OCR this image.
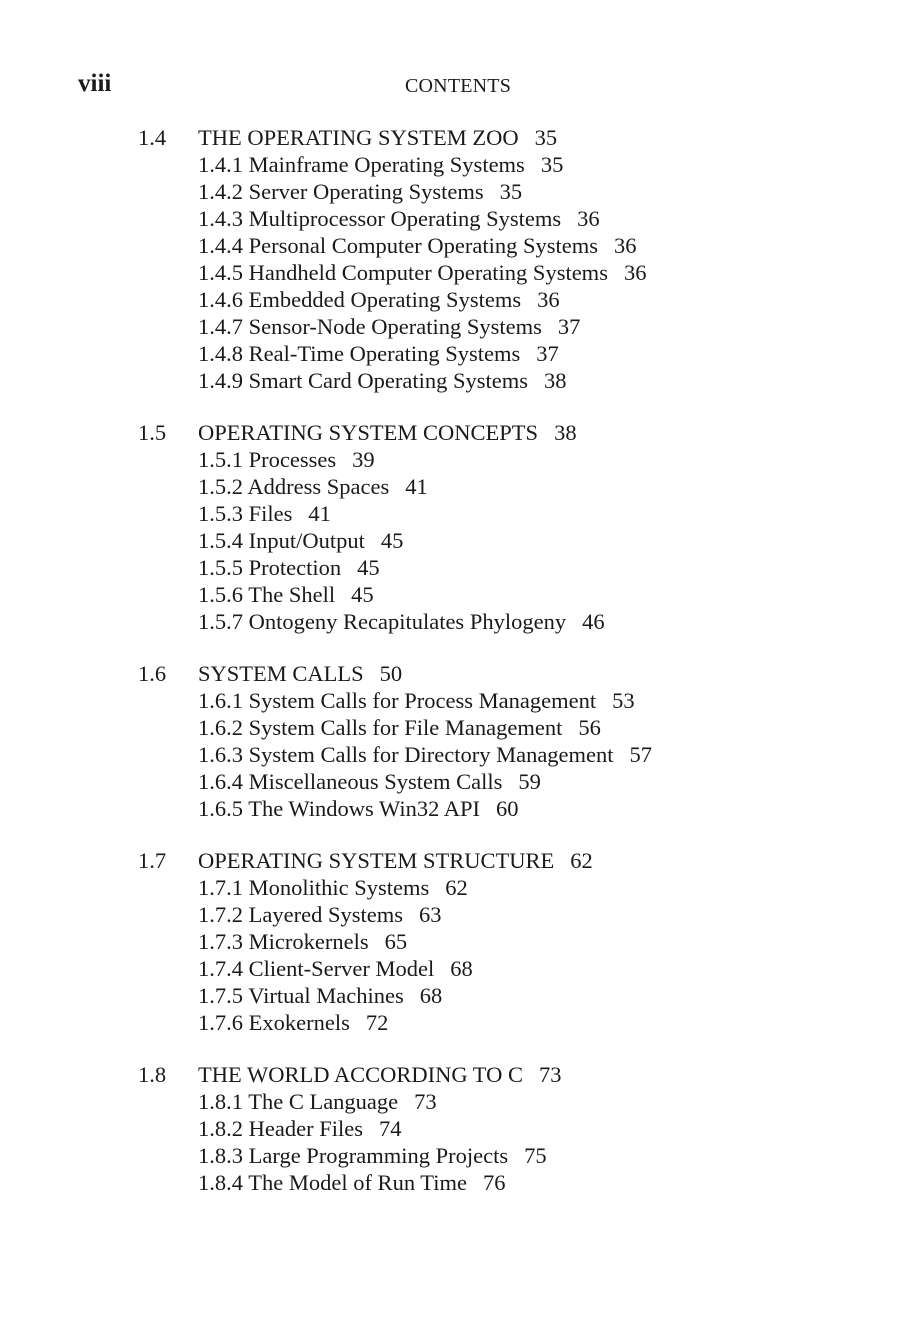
viii	CONTENTS
1.4 THE OPERATING SYSTEM ZOO 35
1.4.1 Mainframe Operating Systems 35
1.4.2 Server Operating Systems 35
1.4.3 Multiprocessor Operating Systems 36
1.4.4 Personal Computer Operating Systems 36
1.4.5 Handheld Computer Operating Systems 36
1.4.6 Embedded Operating Systems 36
1.4.7 Sensor-Node Operating Systems 37
1.4.8 Real-Time Operating Systems 37
1.4.9 Smart Card Operating Systems 38
1.5 OPERATING SYSTEM CONCEPTS 38
1.5.1 Processes 39
1.5.2 Address Spaces 41
1.5.3 Files 41
1.5.4 Input/Output 45
1.5.5 Protection 45
1.5.6 The Shell 45
1.5.7 Ontogeny Recapitulates Phylogeny 46
1.6 SYSTEM CALLS 50
1.6.1 System Calls for Process Management 53
1.6.2 System Calls for File Management 56
1.6.3 System Calls for Directory Management 57
1.6.4 Miscellaneous System Calls 59
1.6.5 The Windows Win32 API 60
1.7 OPERATING SYSTEM STRUCTURE 62
1.7.1 Monolithic Systems 62
1.7.2 Layered Systems 63
1.7.3 Microkernels 65
1.7.4 Client-Server Model 68
1.7.5 Virtual Machines 68
1.7.6 Exokernels 72
1.8 THE WORLD ACCORDING TO C 73
1.8.1 The C Language 73
1.8.2 Header Files 74
1.8.3 Large Programming Projects 75
1.8.4 The Model of Run Time 76
